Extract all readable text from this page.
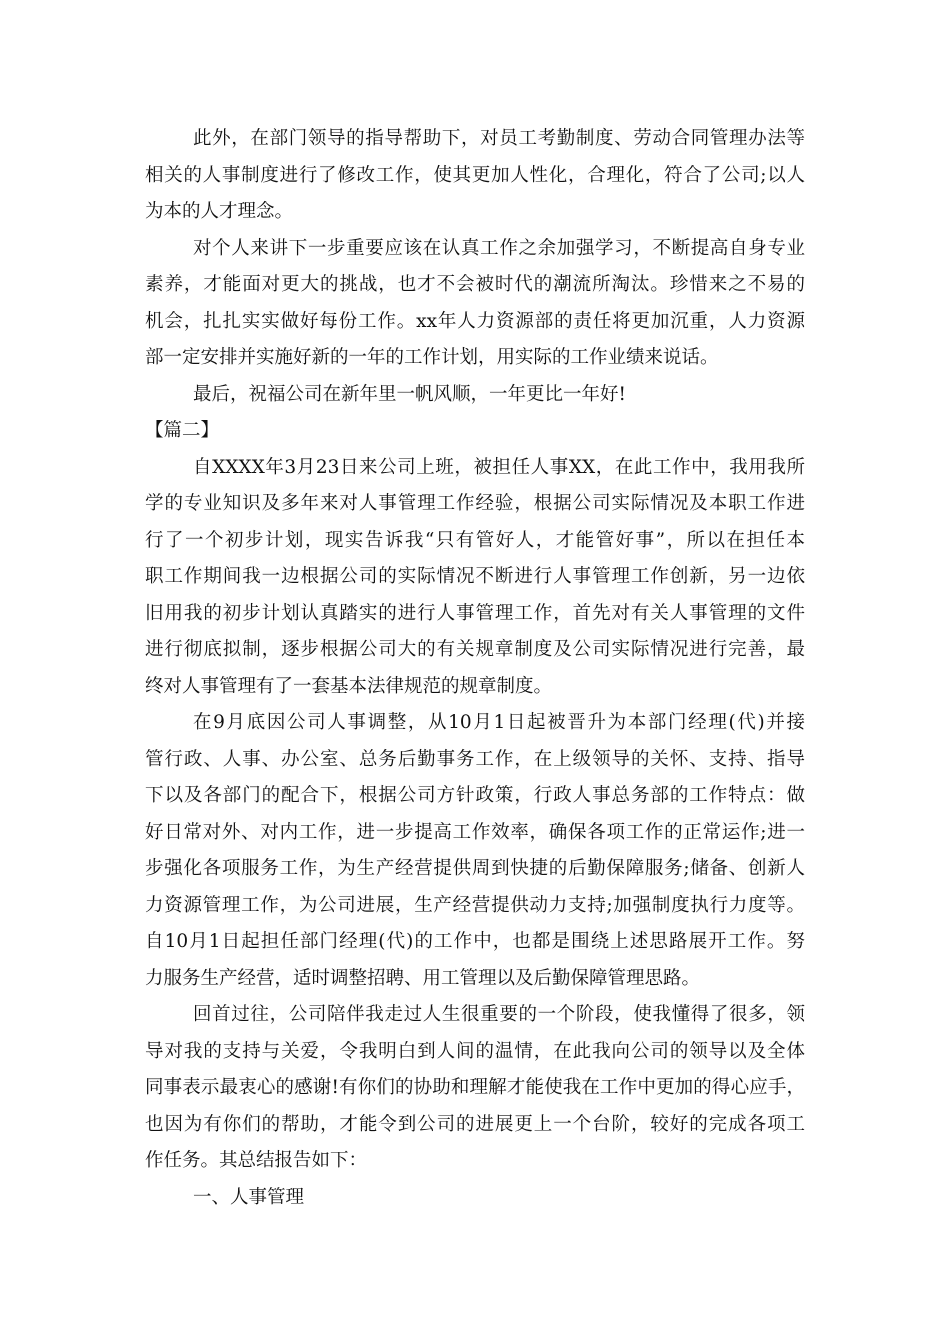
此外，在部门领导的指导帮助下，对员工考勤制度、劳动合同管理办法等
相关的人事制度进行了修改工作，使其更加人性化，合理化，符合了公司;以人
为本的人才理念。
对个人来讲下一步重要应该在认真工作之余加强学习，不断提高自身专业
素养，才能面对更大的挑战，也才不会被时代的潮流所淘汰。珍惜来之不易的
机会，扎扎实实做好每份工作。xx年人力资源部的责任将更加沉重，人力资源
部一定安排并实施好新的一年的工作计划，用实际的工作业绩来说话。
最后，祝福公司在新年里一帆风顺，一年更比一年好!
【篇二】
自XXXX年3月23日来公司上班，被担任人事XX，在此工作中，我用我所
学的专业知识及多年来对人事管理工作经验，根据公司实际情况及本职工作进
行了一个初步计划，现实告诉我“只有管好人，才能管好事”，所以在担任本
职工作期间我一边根据公司的实际情况不断进行人事管理工作创新，另一边依
旧用我的初步计划认真踏实的进行人事管理工作，首先对有关人事管理的文件
进行彻底拟制，逐步根据公司大的有关规章制度及公司实际情况进行完善，最
终对人事管理有了一套基本法律规范的规章制度。
在9月底因公司人事调整，从10月1日起被晋升为本部门经理(代)并接
管行政、人事、办公室、总务后勤事务工作，在上级领导的关怀、支持、指导
下以及各部门的配合下，根据公司方针政策，行政人事总务部的工作特点：做
好日常对外、对内工作，进一步提高工作效率，确保各项工作的正常运作;进一
步强化各项服务工作，为生产经营提供周到快捷的后勤保障服务;储备、创新人
力资源管理工作，为公司进展，生产经营提供动力支持;加强制度执行力度等。
自10月1日起担任部门经理(代)的工作中，也都是围绕上述思路展开工作。努
力服务生产经营，适时调整招聘、用工管理以及后勤保障管理思路。
回首过往，公司陪伴我走过人生很重要的一个阶段，使我懂得了很多，领
导对我的支持与关爱，令我明白到人间的温情，在此我向公司的领导以及全体
同事表示最衷心的感谢!有你们的协助和理解才能使我在工作中更加的得心应手，
也因为有你们的帮助，才能令到公司的进展更上一个台阶，较好的完成各项工
作任务。其总结报告如下：
一、人事管理
